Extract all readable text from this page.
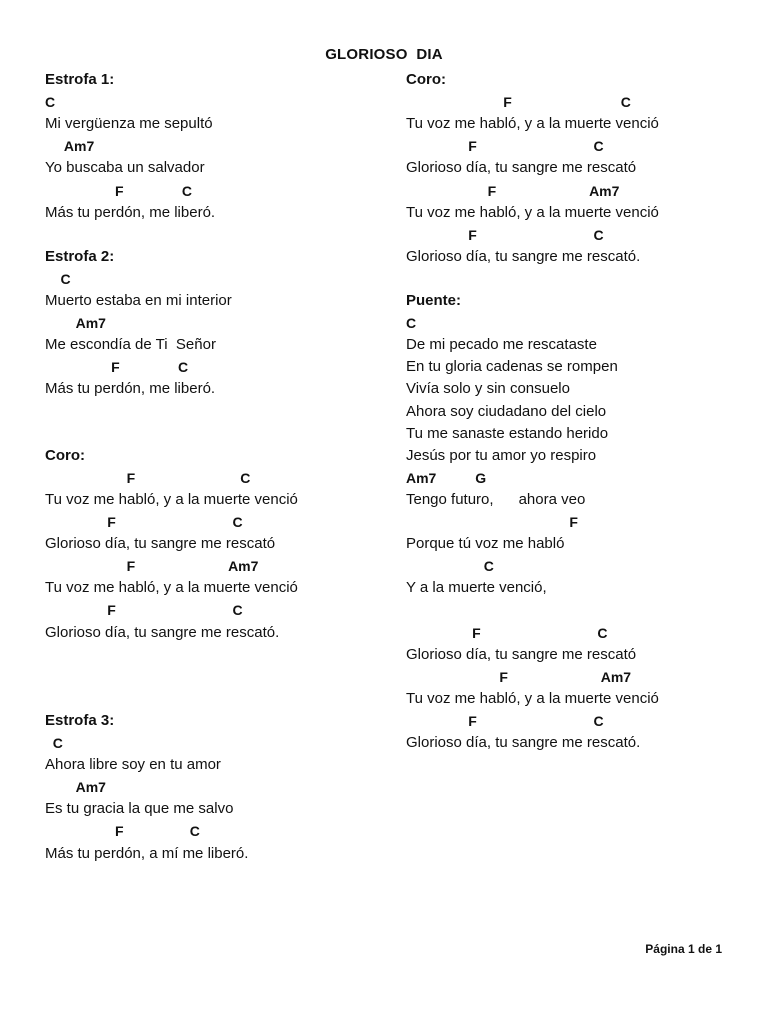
GLORIOSO  DIA
Estrofa 1:
C
Mi vergüenza me sepultó
Am7
Yo buscaba un salvador
F               C
Más tu perdón, me liberó.
Estrofa 2:
C
Muerto estaba en mi interior
Am7
Me escondía de Ti  Señor
F               C
Más tu perdón, me liberó.
Coro:
F                           C
Tu voz me habló, y a la muerte venció
F                              C
Glorioso día, tu sangre me rescató
F                        Am7
Tu voz me habló, y a la muerte venció
F                              C
Glorioso día, tu sangre me rescató.
Estrofa 3:
C
Ahora libre soy en tu amor
Am7
Es tu gracia la que me salvo
F                 C
Más tu perdón, a mí me liberó.
Coro:
F                            C
Tu voz me habló, y a la muerte venció
F                              C
Glorioso día, tu sangre me rescató
F                        Am7
Tu voz me habló, y a la muerte venció
F                              C
Glorioso día, tu sangre me rescató.
Puente:
C
De mi pecado me rescataste
En tu gloria cadenas se rompen
Vivía solo y sin consuelo
Ahora soy ciudadano del cielo
Tu me sanaste estando herido
Jesús por tu amor yo respiro
Am7          G
Tengo futuro,      ahora veo
F
Porque tú voz me habló
C
Y a la muerte venció,
F                              C
Glorioso día, tu sangre me rescató
F                        Am7
Tu voz me habló, y a la muerte venció
F                              C
Glorioso día, tu sangre me rescató.
Página 1 de 1
